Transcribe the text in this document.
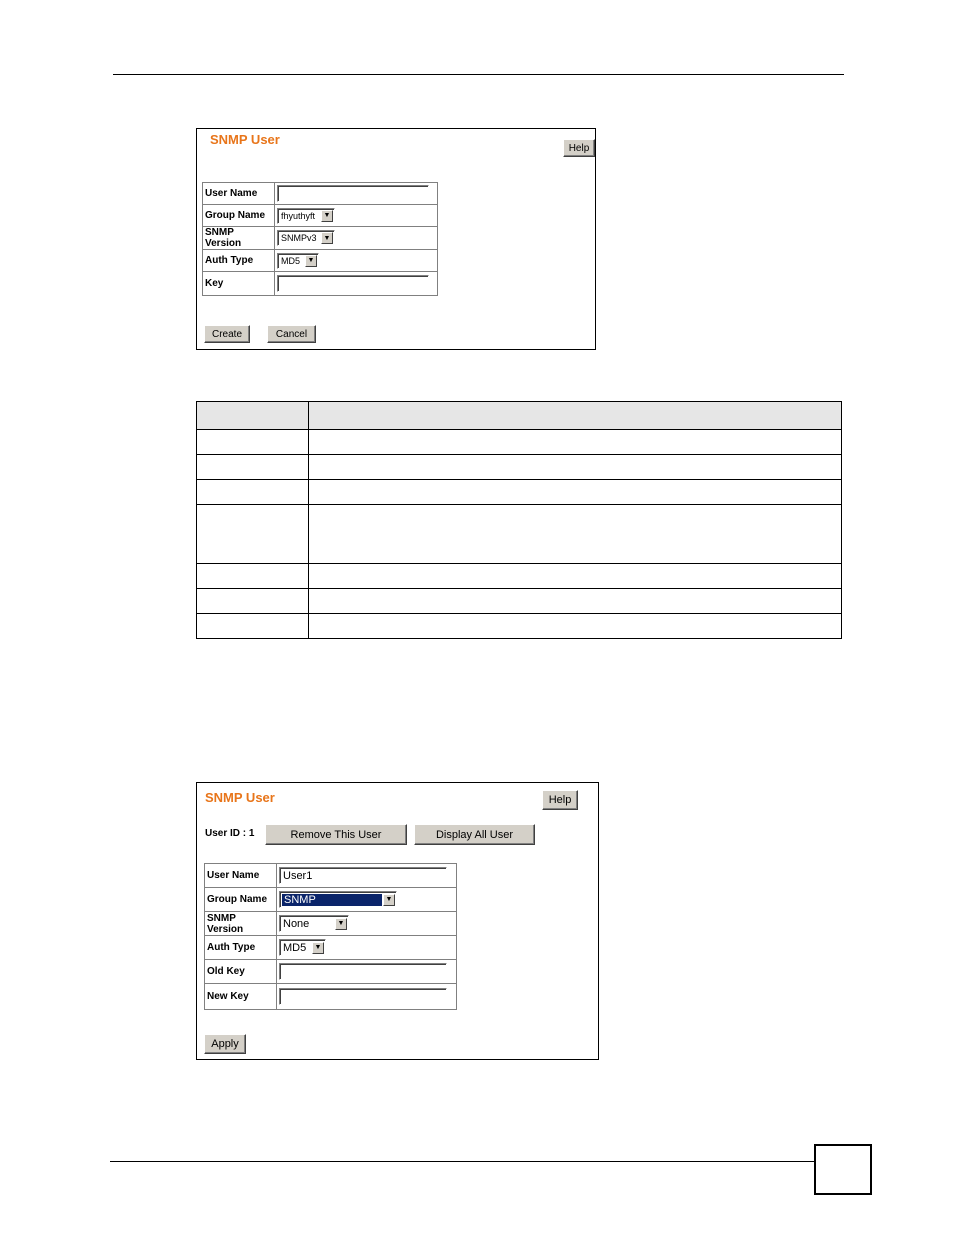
SNMP User
Help
User Name	
Group Name	fhyuthyft ▼

SNMP Version	SNMPv3 ▼

Auth Type	MD5 ▼

Key	
Create	Cancel

SNMP User	Help
User ID : 1	Remove This User	Display All User
User Name	User1
Group Name	SNMP ▼

SNMP Version	None ▼

Auth Type	MD5 ▼

Old Key	
New Key	
Apply
